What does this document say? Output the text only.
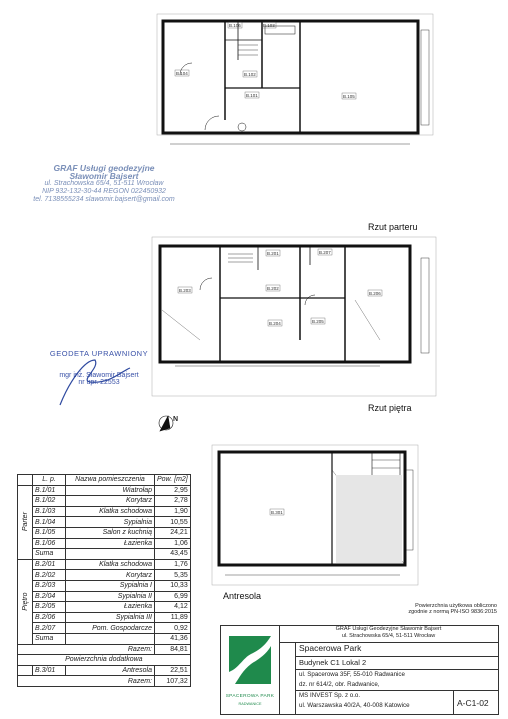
B.104	B.102
B.101	B.105
B.106	B.103
B.203	B.202
B.204	B.205
B.206
B.207
B.201
B.301
Rzut parteru
Rzut piętra
Antresola
GRAF Usługi geodezyjne
Sławomir Bajsert
ul. Strachowska 65/4, 51-511 Wrocław
NIP 932-132-30-44 REGON 022450932
tel. 7138555234 slawomir.bajsert@gmail.com
GEODETA UPRAWNIONY
mgr inż. Sławomir Bajsert
nr upr. 22553
N
	L. p.	Nazwa pomieszczenia	Pow. [m2]
Parter	B.1/01	Wiatrołap	2,95
	B.1/02	Korytarz	2,78
	B.1/03	Klatka schodowa	1,90
	B.1/04	Sypialnia	10,55
	B.1/05	Salon z kuchnią	24,21
	B.1/06	Łazienka	1,06
	Suma		43,45
Piętro	B.2/01	Klatka schodowa	1,76
	B.2/02	Korytarz	5,35
	B.2/03	Sypialnia I	10,33
	B.2/04	Sypialnia II	6,99
	B.2/05	Łazienka	4,12
	B.2/06	Sypialnia III	11,89
	B.2/07	Pom. Gospodarcze	0,92
	Suma		41,36
Razem:			84,81
Powierzchnia dodatkowa			
	B.3/01	Antresola	22,51
Razem:			107,32
Powierzchnia użytkowa obliczono
zgodnie z normą PN-ISO 9836:2015
SPACEROWA PARK
RADWANICE
GRAF Usługi Geodezyjne Sławomir Bajsert
ul. Strachowska 65/4, 51-511 Wrocław
Spacerowa Park
Budynek C1 Lokal 2
ul. Spacerowa 35F, 55-010 Radwanice
dz. nr 614/2, obr. Radwanice,
MS INVEST Sp. z o.o.
ul. Warszawska 40/2A, 40-008 Katowice	A-C1-02
